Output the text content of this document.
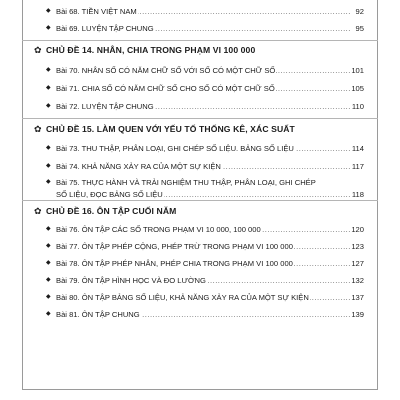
◆ ..... Bài 68. TIỀN VIỆT NAM	92
◆ ..... Bài 69. LUYỆN TẬP CHUNG	95
✿ CHỦ ĐỀ 14. NHÂN, CHIA TRONG PHẠM VI 100 000
◆ ..... Bài 70. NHÂN SỐ CÓ NĂM CHỮ SỐ VỚI SỐ CÓ MỘT CHỮ SỐ	101
◆ ..... Bài 71. CHIA SỐ CÓ NĂM CHỮ SỐ CHO SỐ CÓ MỘT CHỮ SỐ	105
◆ ..... Bài 72. LUYỆN TẬP CHUNG	110
✿ CHỦ ĐỀ 15. LÀM QUEN VỚI YẾU TỐ THỐNG KÊ, XÁC SUẤT
◆ ..... Bài 73. THU THẬP, PHÂN LOẠI, GHI CHÉP SỐ LIỆU. BẢNG SỐ LIỆU	114
◆ ..... Bài 74. KHẢ NĂNG XẢY RA CỦA MỘT SỰ KIỆN	117
◆ Bài 75. THỰC HÀNH VÀ TRẢI NGHIỆM THU THẬP, PHÂN LOẠI, GHI CHÉP
.....
SỐ LIỆU, ĐỌC BẢNG SỐ LIỆU	118
✿ CHỦ ĐỀ 16. ÔN TẬP CUỐI NĂM
◆ ..... Bài 76. ÔN TẬP CÁC SỐ TRONG PHẠM VI 10 000, 100 000	120
◆ ..... Bài 77. ÔN TẬP PHÉP CỘNG, PHÉP TRỪ TRONG PHẠM VI 100 000	123
◆ ..... Bài 78. ÔN TẬP PHÉP NHÂN, PHÉP CHIA TRONG PHẠM VI 100 000	127
◆ ..... Bài 79. ÔN TẬP HÌNH HỌC VÀ ĐO LƯỜNG	132
◆ ..... Bài 80. ÔN TẬP BẢNG SỐ LIỆU, KHẢ NĂNG XẢY RA CỦA MỘT SỰ KIỆN	137
◆ ..... Bài 81. ÔN TẬP CHUNG	139
